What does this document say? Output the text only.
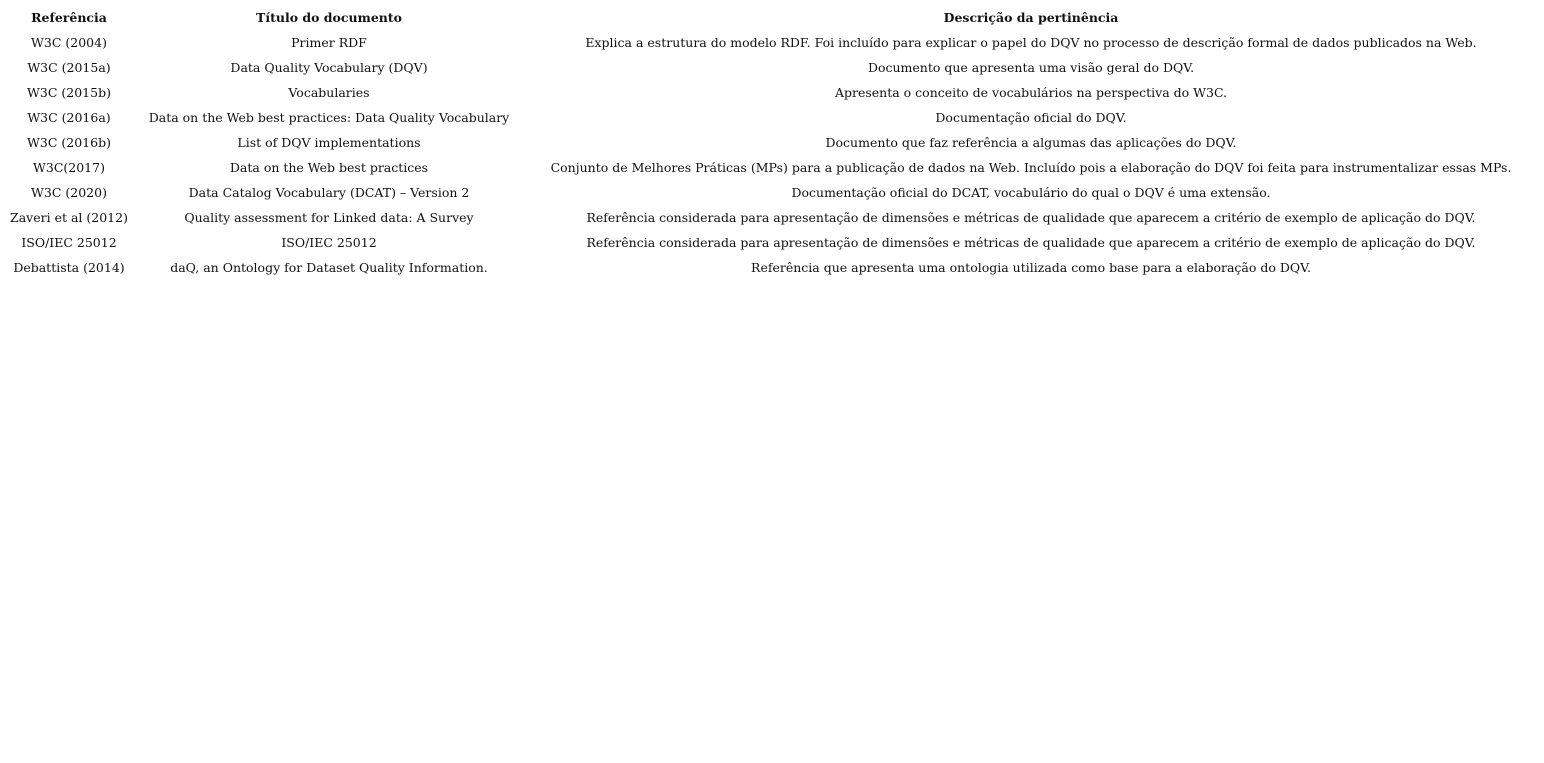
Referência	Título do documento	Descrição da pertinência
W3C (2004)	Primer RDF	Explica a estrutura do modelo RDF. Foi incluído para explicar o papel do DQV no processo de descrição formal de dados publicados na Web.
W3C (2015a)	Data Quality Vocabulary (DQV)	Documento que apresenta uma visão geral do DQV.
W3C (2015b)	Vocabularies	Apresenta o conceito de vocabulários na perspectiva do W3C.
W3C (2016a)	Data on the Web best practices: Data Quality Vocabulary	Documentação oficial do DQV.
W3C (2016b)	List of DQV implementations	Documento que faz referência a algumas das aplicações do DQV.
W3C(2017)	Data on the Web best practices	Conjunto de Melhores Práticas (MPs) para a publicação de dados na Web. Incluído pois a elaboração do DQV foi feita para instrumentalizar essas MPs.
W3C (2020)	Data Catalog Vocabulary (DCAT) – Version 2	Documentação oficial do DCAT, vocabulário do qual o DQV é uma extensão.
Zaveri et al (2012)	Quality assessment for Linked data: A Survey	Referência considerada para apresentação de dimensões e métricas de qualidade que aparecem a critério de exemplo de aplicação do DQV.
ISO/IEC 25012	ISO/IEC 25012	Referência considerada para apresentação de dimensões e métricas de qualidade que aparecem a critério de exemplo de aplicação do DQV.
Debattista (2014)	daQ, an Ontology for Dataset Quality Information.	Referência que apresenta uma ontologia utilizada como base para a elaboração do DQV.
